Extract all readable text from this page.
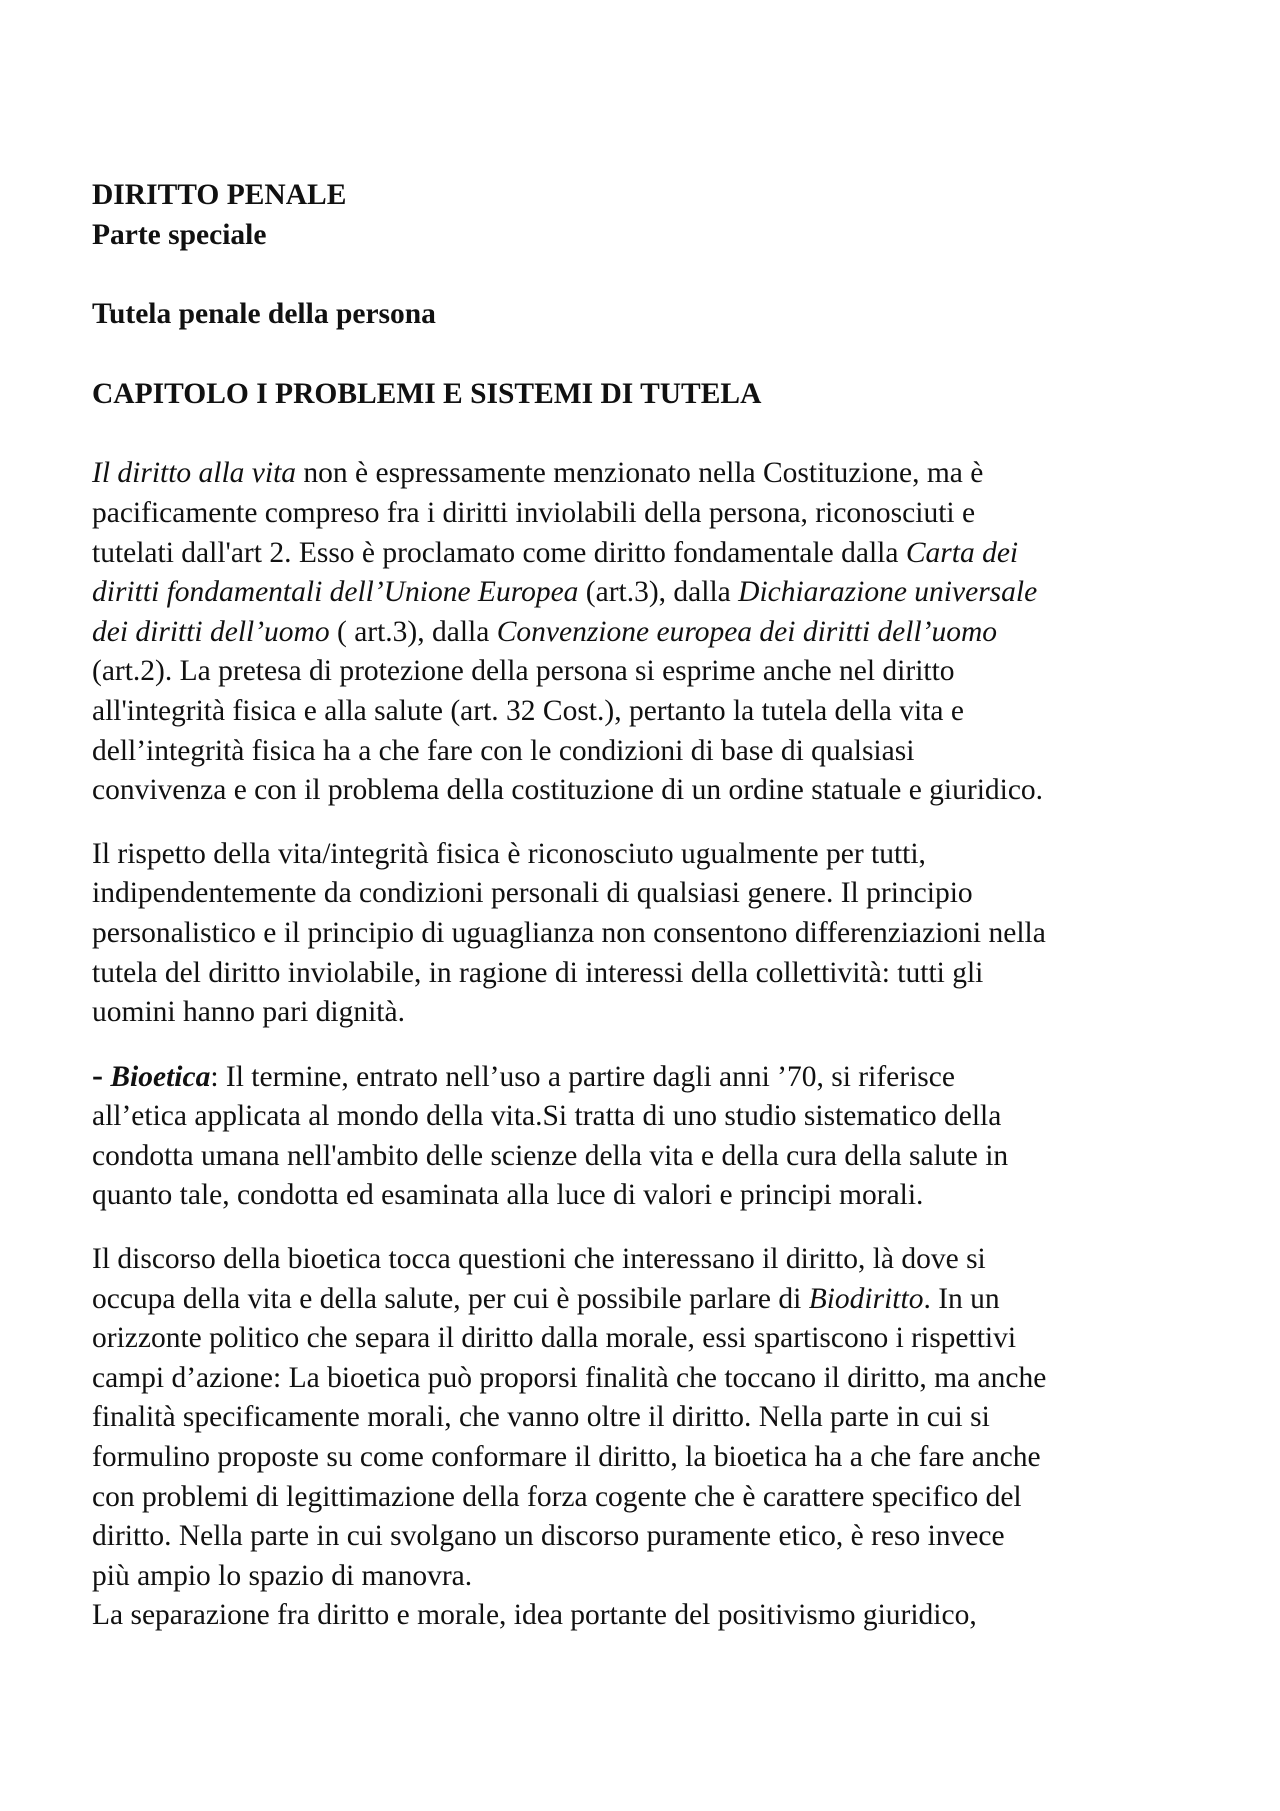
DIRITTO PENALE
Parte speciale
Tutela penale della persona
CAPITOLO I PROBLEMI E SISTEMI DI TUTELA
Il diritto alla vita non è espressamente menzionato nella Costituzione, ma è
pacificamente compreso fra i diritti inviolabili della persona, riconosciuti e
tutelati dall'art 2. Esso è proclamato come diritto fondamentale dalla Carta dei
diritti fondamentali dell’Unione Europea (art.3), dalla Dichiarazione universale
dei diritti dell’uomo ( art.3), dalla Convenzione europea dei diritti dell’uomo
(art.2). La pretesa di protezione della persona si esprime anche nel diritto
all'integrità fisica e alla salute (art. 32 Cost.), pertanto la tutela della vita e
dell’integrità fisica ha a che fare con le condizioni di base di qualsiasi
convivenza e con il problema della costituzione di un ordine statuale e giuridico.
Il rispetto della vita/integrità fisica è riconosciuto ugualmente per tutti,
indipendentemente da condizioni personali di qualsiasi genere. Il principio
personalistico e il principio di uguaglianza non consentono differenziazioni nella
tutela del diritto inviolabile, in ragione di interessi della collettività: tutti gli
uomini hanno pari dignità.
- Bioetica: Il termine, entrato nell’uso a partire dagli anni ’70, si riferisce
all’etica applicata al mondo della vita.Si tratta di uno studio sistematico della
condotta umana nell'ambito delle scienze della vita e della cura della salute in
quanto tale, condotta ed esaminata alla luce di valori e principi morali.
Il discorso della bioetica tocca questioni che interessano il diritto, là dove si
occupa della vita e della salute, per cui è possibile parlare di Biodiritto. In un
orizzonte politico che separa il diritto dalla morale, essi spartiscono i rispettivi
campi d’azione: La bioetica può proporsi finalità che toccano il diritto, ma anche
finalità specificamente morali, che vanno oltre il diritto. Nella parte in cui si
formulino proposte su come conformare il diritto, la bioetica ha a che fare anche
con problemi di legittimazione della forza cogente che è carattere specifico del
diritto. Nella parte in cui svolgano un discorso puramente etico, è reso invece
più ampio lo spazio di manovra.
La separazione fra diritto e morale, idea portante del positivismo giuridico,
